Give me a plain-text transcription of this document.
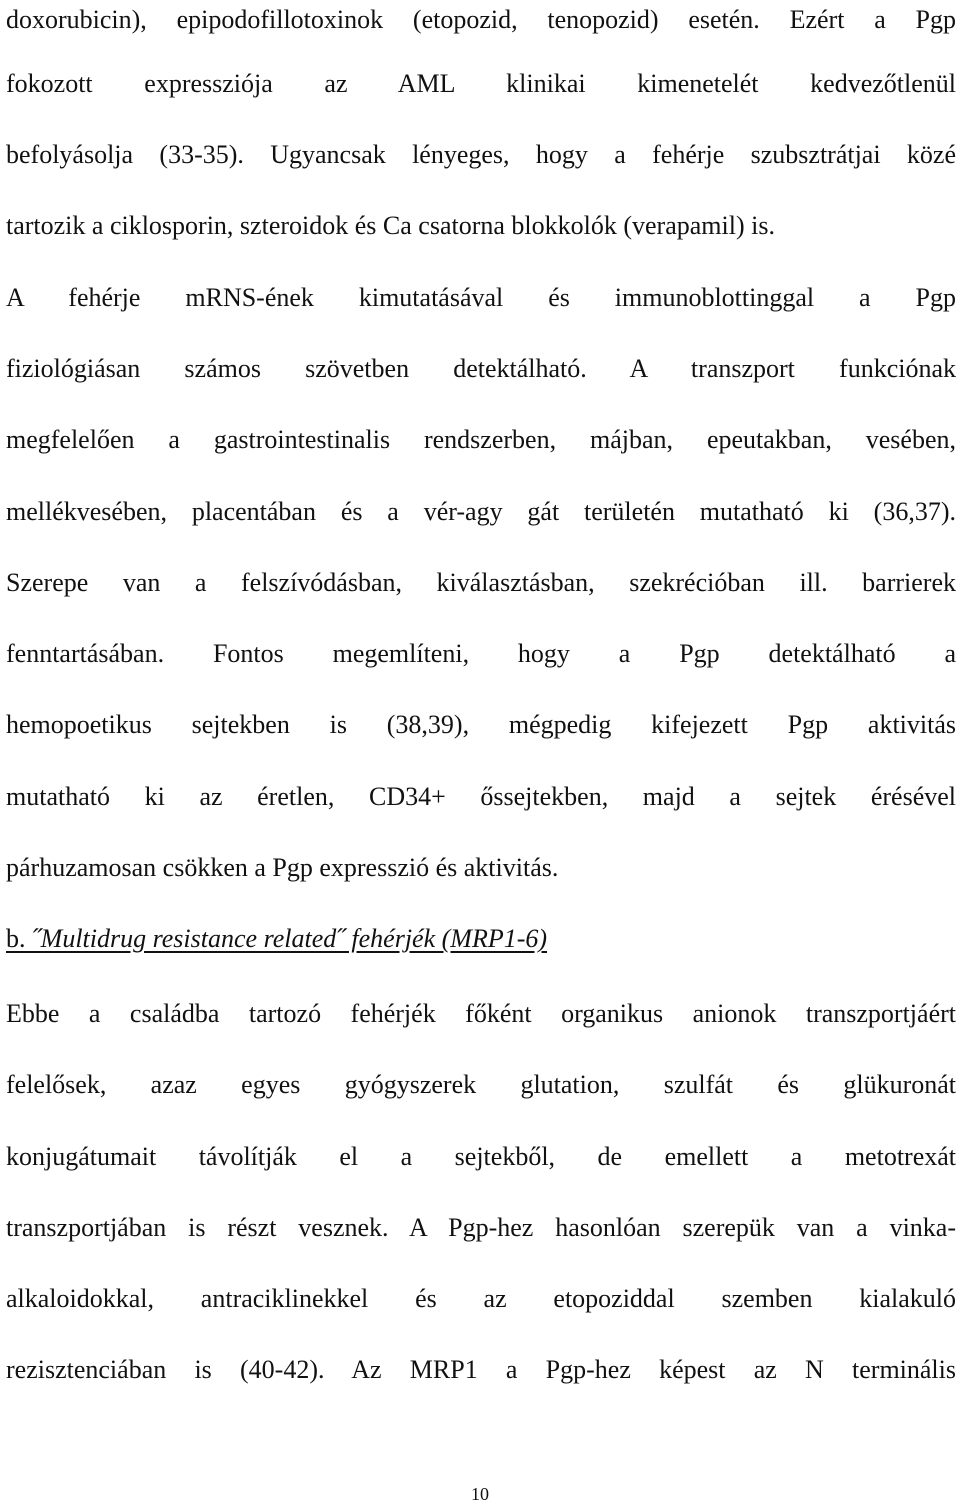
doxorubicin), epipodofillotoxinok (etopozid, tenopozid) esetén. Ezért a Pgp
fokozott expressziója az AML klinikai kimenetelét kedvezőtlenül
befolyásolja (33-35). Ugyancsak lényeges, hogy a fehérje szubsztrátjai közé
tartozik a ciklosporin, szteroidok és Ca csatorna blokkolók (verapamil) is.
A fehérje mRNS-ének kimutatásával és immunoblottinggal a Pgp
fiziológiásan számos szövetben detektálható. A transzport funkciónak
megfelelően a gastrointestinalis rendszerben, májban, epeutakban, vesében,
mellékvesében, placentában és a vér-agy gát területén mutatható ki (36,37).
Szerepe van a felszívódásban, kiválasztásban, szekrécióban ill. barrierek
fenntartásában. Fontos megemlíteni, hogy a Pgp detektálható a
hemopoetikus sejtekben is (38,39), mégpedig kifejezett Pgp aktivitás
mutatható ki az éretlen, CD34+ őssejtekben, majd a sejtek érésével
párhuzamosan csökken a Pgp expresszió és aktivitás.
b. ˝Multidrug resistance related˝ fehérjék (MRP1-6)
Ebbe a családba tartozó fehérjék főként organikus anionok transzportjáért
felelősek, azaz egyes gyógyszerek glutation, szulfát és glükuronát
konjugátumait távolítják el a sejtekből, de emellett a metotrexát
transzportjában is részt vesznek. A Pgp-hez hasonlóan szerepük van a vinka-
alkaloidokkal, antraciklinekkel és az etopoziddal szemben kialakuló
rezisztenciában is (40-42). Az MRP1 a Pgp-hez képest az N terminális
10
